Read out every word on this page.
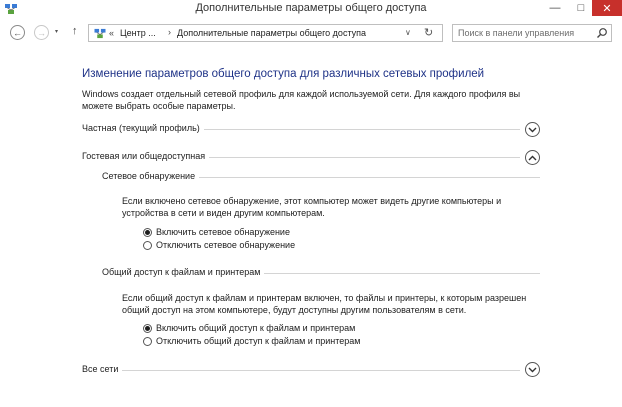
Дополнительные параметры общего доступа	—	□	✕
←	→	▾ ↑	« Центр ... › Дополнительные параметры общего доступа	∨ ↻	Поиск в панели управления
Изменение параметров общего доступа для различных сетевых профилей
Windows создает отдельный сетевой профиль для каждой используемой сети. Для каждого профиля вы можете выбрать особые параметры.
Частная (текущий профиль)
Гостевая или общедоступная
Сетевое обнаружение
Если включено сетевое обнаружение, этот компьютер может видеть другие компьютеры и устройства в сети и виден другим компьютерам.
Включить сетевое обнаружение
Отключить сетевое обнаружение
Общий доступ к файлам и принтерам
Если общий доступ к файлам и принтерам включен, то файлы и принтеры, к которым разрешен общий доступ на этом компьютере, будут доступны другим пользователям в сети.
Включить общий доступ к файлам и принтерам
Отключить общий доступ к файлам и принтерам
Все сети
